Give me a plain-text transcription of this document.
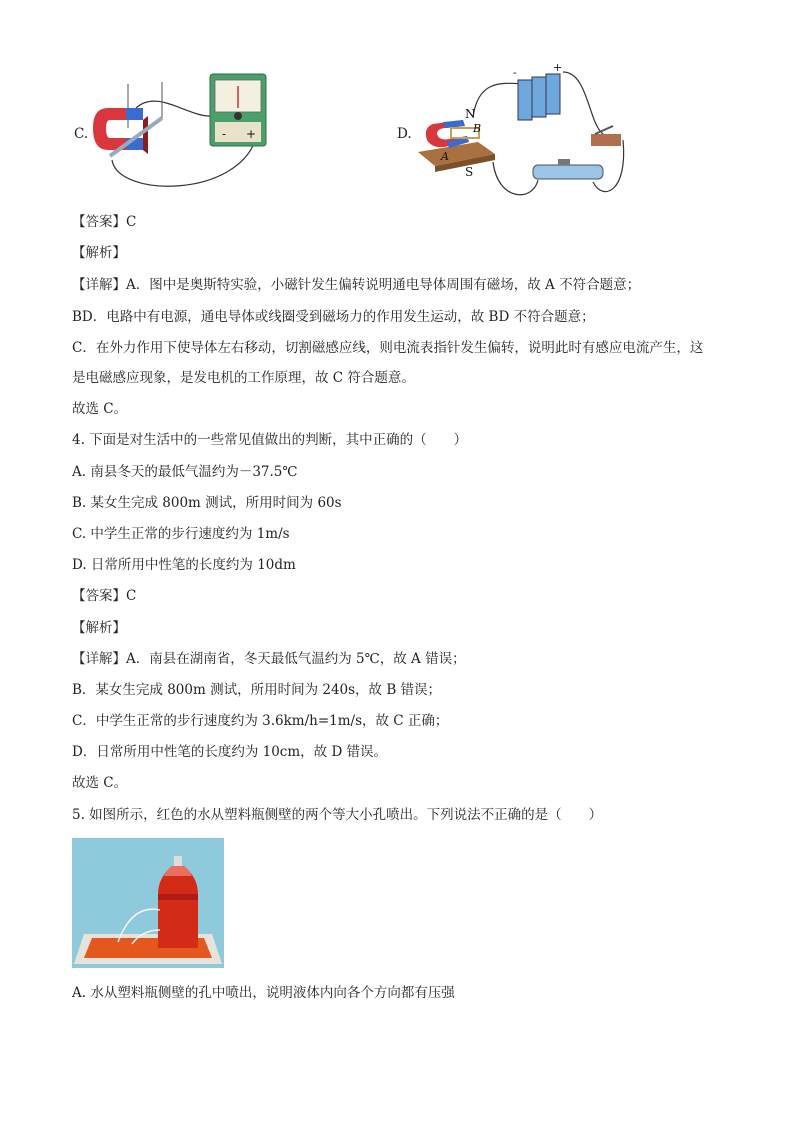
C.	- +	D.
-	+
N
S
B
A
【答案】C
【解析】
【详解】A．图中是奥斯特实验，小磁针发生偏转说明通电导体周围有磁场，故 A 不符合题意；
BD．电路中有电源，通电导体或线圈受到磁场力的作用发生运动，故 BD 不符合题意；
C．在外力作用下使导体左右移动，切割磁感应线，则电流表指针发生偏转，说明此时有感应电流产生，这
是电磁感应现象，是发电机的工作原理，故 C 符合题意。
故选 C。
4. 下面是对生活中的一些常见值做出的判断，其中正确的（　　）
A. 南县冬天的最低气温约为－37.5℃
B. 某女生完成 800m 测试，所用时间为 60s
C. 中学生正常的步行速度约为 1m/s
D. 日常所用中性笔的长度约为 10dm
【答案】C
【解析】
【详解】A．南县在湖南省，冬天最低气温约为 5℃，故 A 错误；
B．某女生完成 800m 测试，所用时间为 240s，故 B 错误；
C．中学生正常的步行速度约为 3.6km/h=1m/s，故 C 正确；
D．日常所用中性笔的长度约为 10cm，故 D 错误。
故选 C。
5. 如图所示，红色的水从塑料瓶侧壁的两个等大小孔喷出。下列说法不正确的是（　　）
A. 水从塑料瓶侧壁的孔中喷出，说明液体内向各个方向都有压强
